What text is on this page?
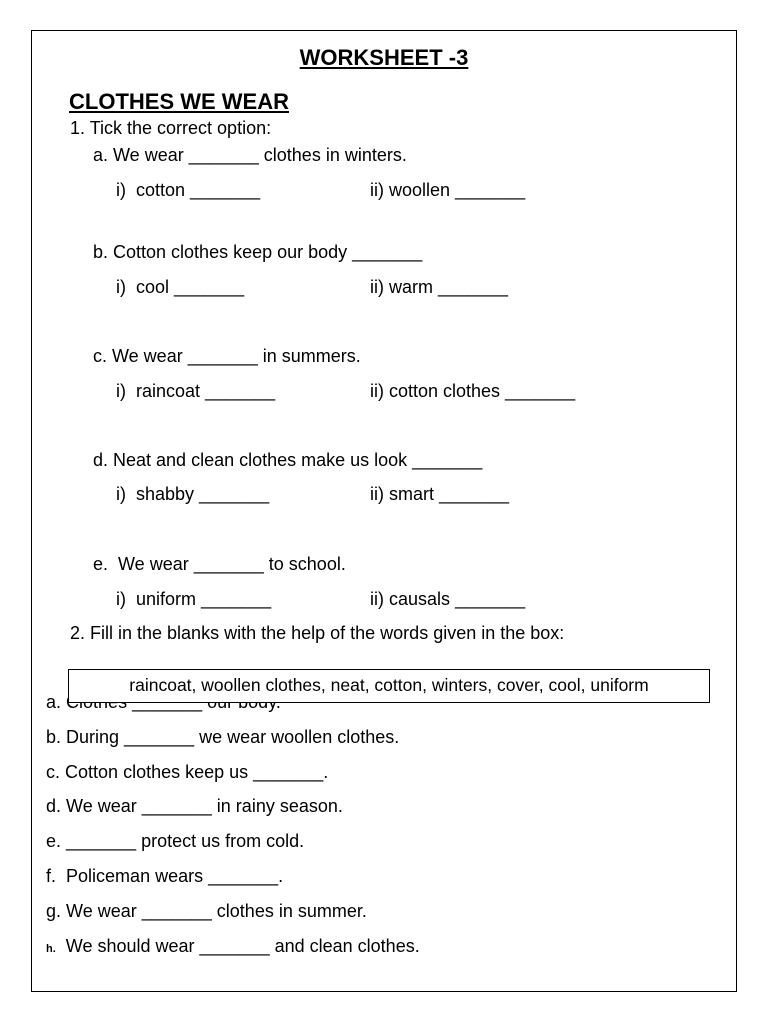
WORKSHEET -3
CLOTHES WE WEAR
1. Tick the correct option:
a. We wear _______ clothes in winters.
i)  cotton _______	ii) woollen _______
b. Cotton clothes keep our body _______
i)  cool _______	ii) warm _______
c. We wear _______ in summers.
i)  raincoat _______	ii) cotton clothes _______
d. Neat and clean clothes make us look _______
i)  shabby _______	ii) smart _______
e.  We wear _______ to school.
i)  uniform _______	ii) causals _______
2. Fill in the blanks with the help of the words given in the box:
a.
raincoat, woollen clothes, neat, cotton, winters, cover, cool, uniform
b. During _______ we wear woollen clothes.
c. Cotton clothes keep us _______.
d. We wear _______ in rainy season.
e. _______ protect us from cold.
f.  Policeman wears _______.
g. We wear _______ clothes in summer.
h.  We should wear _______ and clean clothes.
